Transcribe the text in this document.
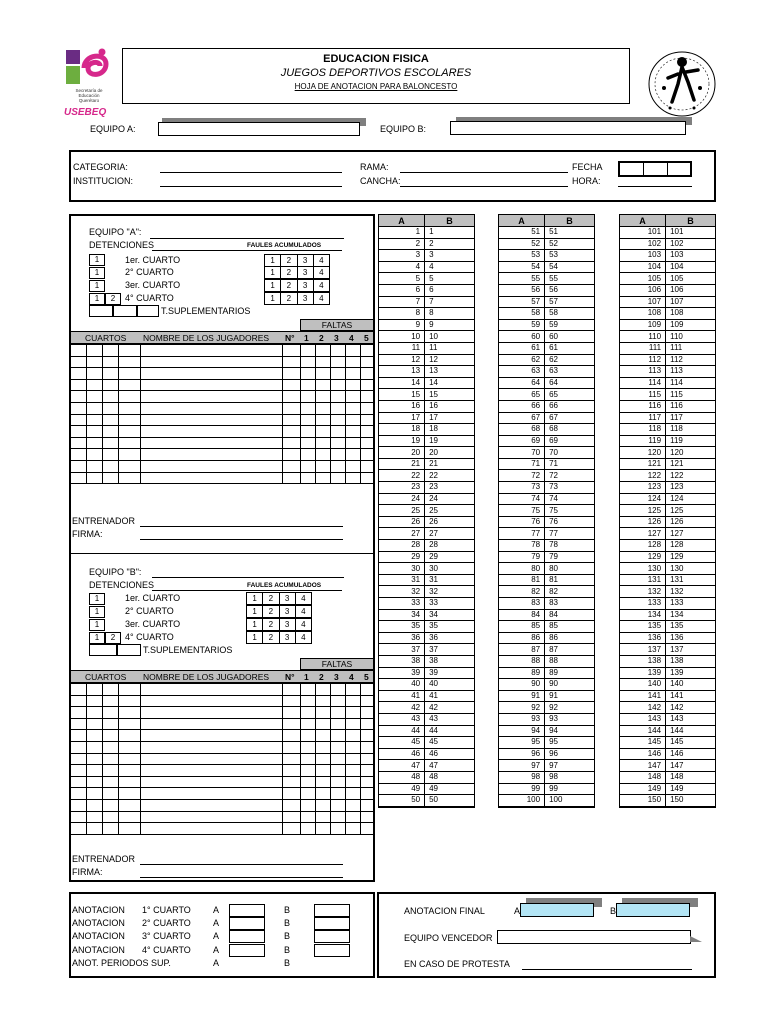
Secretaría de
Educación
Querétaro
USEBEQ
EDUCACION FISICA
JUEGOS DEPORTIVOS ESCOLARES
HOJA DE ANOTACION PARA BALONCESTO
EQUIPO A:	EQUIPO B:
CATEGORIA:
INSTITUCION:
RAMA:
CANCHA:
FECHA
HORA:
EQUIPO "A":
DETENCIONES	FAULES ACUMULADOS
1	1er. CUARTO	1	2	3	4
1	2° CUARTO	1	2	3	4
1	3er. CUARTO	1	2	3	4
1	2	4° CUARTO	1	2	3	4
T.SUPLEMENTARIOS
FALTAS
CUARTOS NOMBRE DE LOS JUGADORES N° 1 2 3 4 5

ENTRENADOR
FIRMA:
EQUIPO "B":
DETENCIONES	FAULES ACUMULADOS
1	1er. CUARTO	1	2	3	4
1	2° CUARTO	1	2	3	4
1	3er. CUARTO	1	2	3	4
1	2	4° CUARTO	1	2	3	4
T.SUPLEMENTARIOS
FALTAS
CUARTOS NOMBRE DE LOS JUGADORES N° 1 2 3 4 5

ENTRENADOR
FIRMA:
A	B
1	1
2	2
3	3
4	4
5	5
6	6
7	7
8	8
9	9
10	10
11	11
12	12
13	13
14	14
15	15
16	16
17	17
18	18
19	19
20	20
21	21
22	22
23	23
24	24
25	25
26	26
27	27
28	28
29	29
30	30
31	31
32	32
33	33
34	34
35	35
36	36
37	37
38	38
39	39
40	40
41	41
42	42
43	43
44	44
45	45
46	46
47	47
48	48
49	49
50	50
A	B
51	51
52	52
53	53
54	54
55	55
56	56
57	57
58	58
59	59
60	60
61	61
62	62
63	63
64	64
65	65
66	66
67	67
68	68
69	69
70	70
71	71
72	72
73	73
74	74
75	75
76	76
77	77
78	78
79	79
80	80
81	81
82	82
83	83
84	84
85	85
86	86
87	87
88	88
89	89
90	90
91	91
92	92
93	93
94	94
95	95
96	96
97	97
98	98
99	99
100	100
A	B
101	101
102	102
103	103
104	104
105	105
106	106
107	107
108	108
109	109
110	110
111	111
112	112
113	113
114	114
115	115
116	116
117	117
118	118
119	119
120	120
121	121
122	122
123	123
124	124
125	125
126	126
127	127
128	128
129	129
130	130
131	131
132	132
133	133
134	134
135	135
136	136
137	137
138	138
139	139
140	140
141	141
142	142
143	143
144	144
145	145
146	146
147	147
148	148
149	149
150	150
ANOTACION 1° CUARTO A	B
ANOTACION 2° CUARTO A	B
ANOTACION 3° CUARTO A	B
ANOTACION 4° CUARTO A	B
ANOT. PERIODOS SUP.	A	B
ANOTACION FINAL	A	B
EQUIPO VENCEDOR
EN CASO DE PROTESTA
